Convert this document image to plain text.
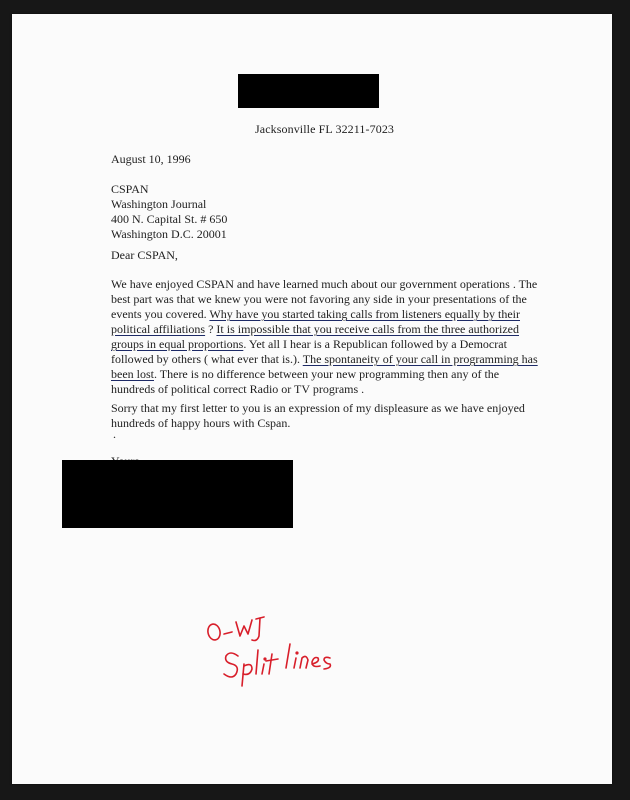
Jacksonville FL 32211-7023
August 10, 1996
CSPAN
Washington Journal
400 N. Capital St. # 650
Washington D.C. 20001
Dear CSPAN,
We have enjoyed CSPAN and have learned much about our government operations . The
best part was that we knew you were not favoring any side in your presentations of the
events you covered. Why have you started taking calls from listeners equally by their
political affiliations ? It is impossible that you receive calls from the three authorized
groups in equal proportions. Yet all I hear is a Republican followed by a Democrat
followed by others ( what ever that is.). The spontaneity of your call in programming has
been lost. There is no difference between your new programming then any of the
hundreds of political correct Radio or TV programs .
Sorry that my first letter to you is an expression of my displeasure as we have enjoyed
hundreds of happy hours with Cspan.
.
